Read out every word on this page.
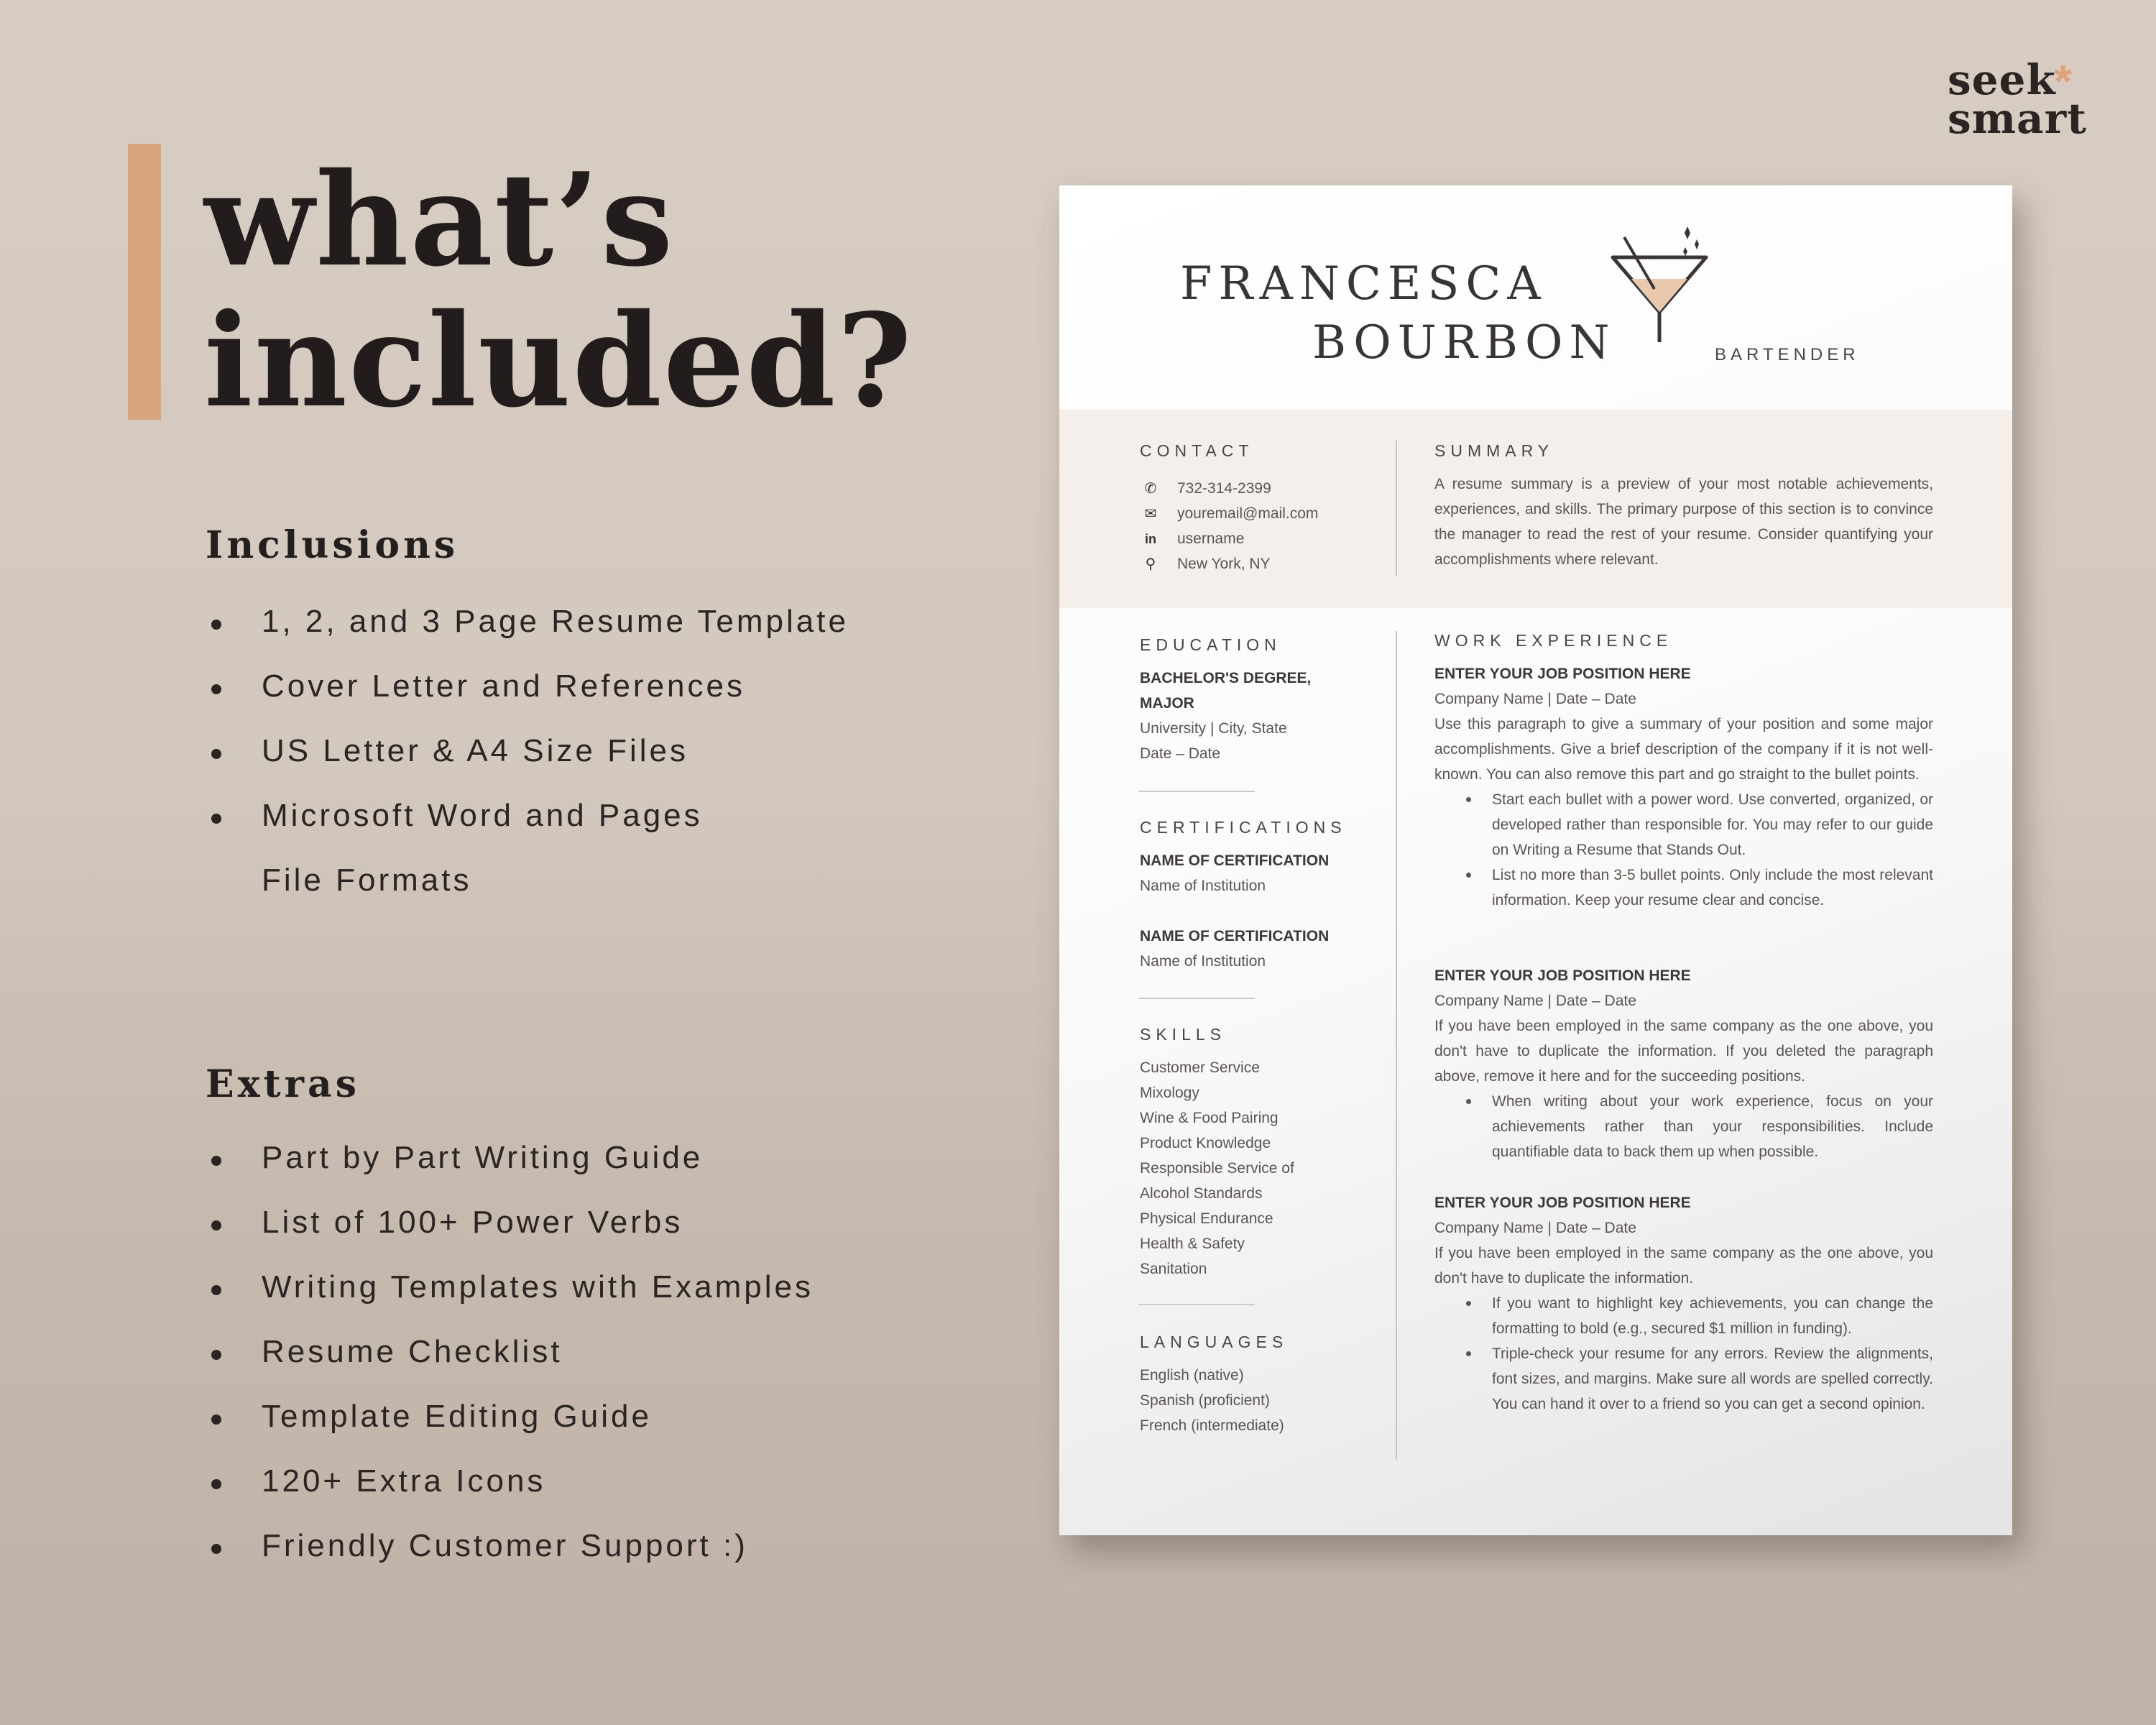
seek
*
smart
what’s
included?
Inclusions
1, 2, and 3 Page Resume Template
Cover Letter and References
US Letter & A4 Size Files
Microsoft Word and Pages
File Formats
Extras
Part by Part Writing Guide
List of 100+ Power Verbs
Writing Templates with Examples
Resume Checklist
Template Editing Guide
120+ Extra Icons
Friendly Customer Support :)
FRANCESCA
BOURBON	BARTENDER
CONTACT
✆ 732-314-2399
✉ youremail@mail.com
in username
⚲ New York, NY
SUMMARY
A resume summary is a preview of your most notable achievements, experiences, and skills. The primary purpose of this section is to convince the manager to read the rest of your resume. Consider quantifying your accomplishments where relevant.
EDUCATION
BACHELOR'S DEGREE, MAJOR
University | City, State
Date – Date
CERTIFICATIONS
NAME OF CERTIFICATION
Name of Institution
NAME OF CERTIFICATION
Name of Institution
SKILLS
Customer Service
Mixology
Wine & Food Pairing
Product Knowledge
Responsible Service of
Alcohol Standards
Physical Endurance
Health & Safety
Sanitation
LANGUAGES
English (native)
Spanish (proficient)
French (intermediate)
WORK EXPERIENCE
ENTER YOUR JOB POSITION HERE
Company Name | Date – Date
Use this paragraph to give a summary of your position and some major accomplishments. Give a brief description of the company if it is not well-known. You can also remove this part and go straight to the bullet points.
Start each bullet with a power word. Use converted, organized, or developed rather than responsible for. You may refer to our guide on Writing a Resume that Stands Out.
List no more than 3-5 bullet points. Only include the most relevant information. Keep your resume clear and concise.
ENTER YOUR JOB POSITION HERE
Company Name | Date – Date
If you have been employed in the same company as the one above, you don't have to duplicate the information. If you deleted the paragraph above, remove it here and for the succeeding positions.
When writing about your work experience, focus on your achievements rather than your responsibilities. Include quantifiable data to back them up when possible.
ENTER YOUR JOB POSITION HERE
Company Name | Date – Date
If you have been employed in the same company as the one above, you don't have to duplicate the information.
If you want to highlight key achievements, you can change the formatting to bold (e.g., secured $1 million in funding).
Triple-check your resume for any errors. Review the alignments, font sizes, and margins. Make sure all words are spelled correctly. You can hand it over to a friend so you can get a second opinion.
